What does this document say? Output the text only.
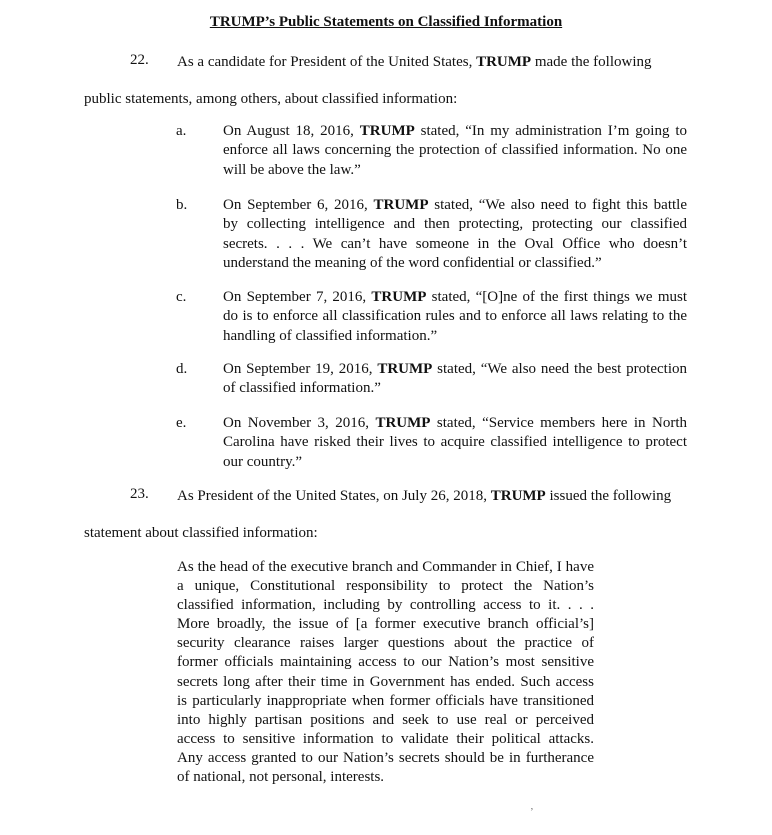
TRUMP’s Public Statements on Classified Information
22.	As a candidate for President of the United States, TRUMP made the following
public statements, among others, about classified information:
a. On August 18, 2016, TRUMP stated, “In my administration I’m going to
enforce all laws concerning the protection of classified information. No one
will be above the law.”
b. On September 6, 2016, TRUMP stated, “We also need to fight this battle
by collecting intelligence and then protecting, protecting our classified
secrets. . . . We can’t have someone in the Oval Office who doesn’t
understand the meaning of the word confidential or classified.”
c. On September 7, 2016, TRUMP stated, “[O]ne of the first things we must
do is to enforce all classification rules and to enforce all laws relating to the
handling of classified information.”
d. On September 19, 2016, TRUMP stated, “We also need the best protection
of classified information.”
e. On November 3, 2016, TRUMP stated, “Service members here in North
Carolina have risked their lives to acquire classified intelligence to protect
our country.”
23.	As President of the United States, on July 26, 2018, TRUMP issued the following
statement about classified information:
As the head of the executive branch and Commander in Chief, I have
a unique, Constitutional responsibility to protect the Nation’s
classified information, including by controlling access to it. . . .
More broadly, the issue of [a former executive branch official’s]
security clearance raises larger questions about the practice of
former officials maintaining access to our Nation’s most sensitive
secrets long after their time in Government has ended. Such access
is particularly inappropriate when former officials have transitioned
into highly partisan positions and seek to use real or perceived
access to sensitive information to validate their political attacks.
Any access granted to our Nation’s secrets should be in furtherance
of national, not personal, interests.
ʼ
